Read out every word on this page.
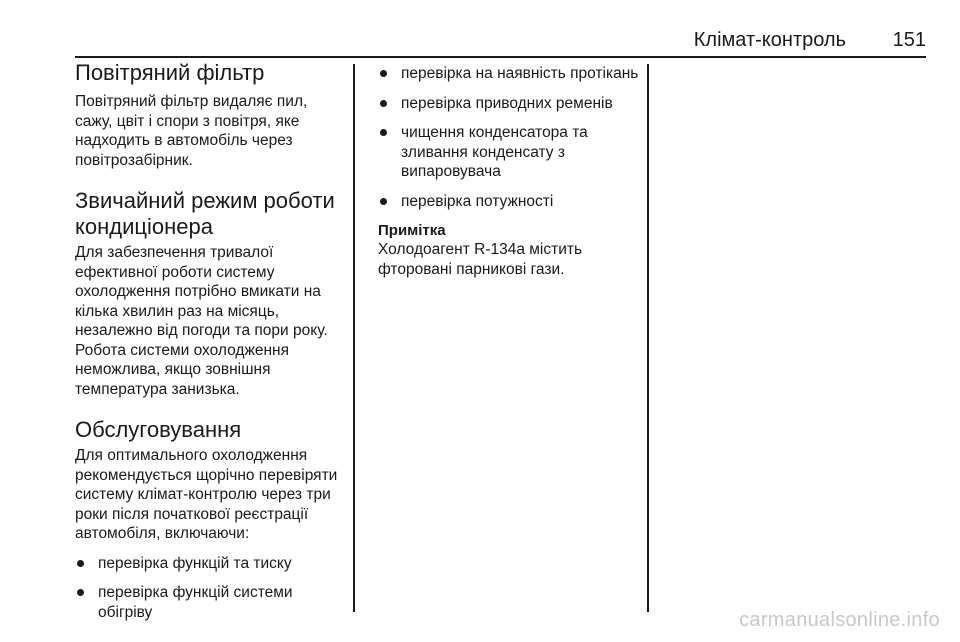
Клімат-контроль 151
Повітряний фільтр

Повітряний фільтр видаляє пил, сажу, цвіт і спори з повітря, яке надходить в автомобіль через повітрозабірник.

Звичайний режим роботи кондиціонера

Для забезпечення тривалої ефективної роботи систему охолодження потрібно вмикати на кілька хвилин раз на місяць, незалежно від погоди та пори року. Робота системи охолодження неможлива, якщо зовнішня температура занизька.

Обслуговування

Для оптимального охолодження рекомендується щорічно перевіряти систему клімат-контролю через три роки після початкової реєстрації автомобіля, включаючи:

перевірка функцій та тиску
перевірка функцій системи обігріву
перевірка на наявність протікань
перевірка приводних ременів
чищення конденсатора та зливання конденсату з випаровувача
перевірка потужності
Примітка
Холодоагент R-134a містить фторовані парникові гази.
carmanualsonline.info
